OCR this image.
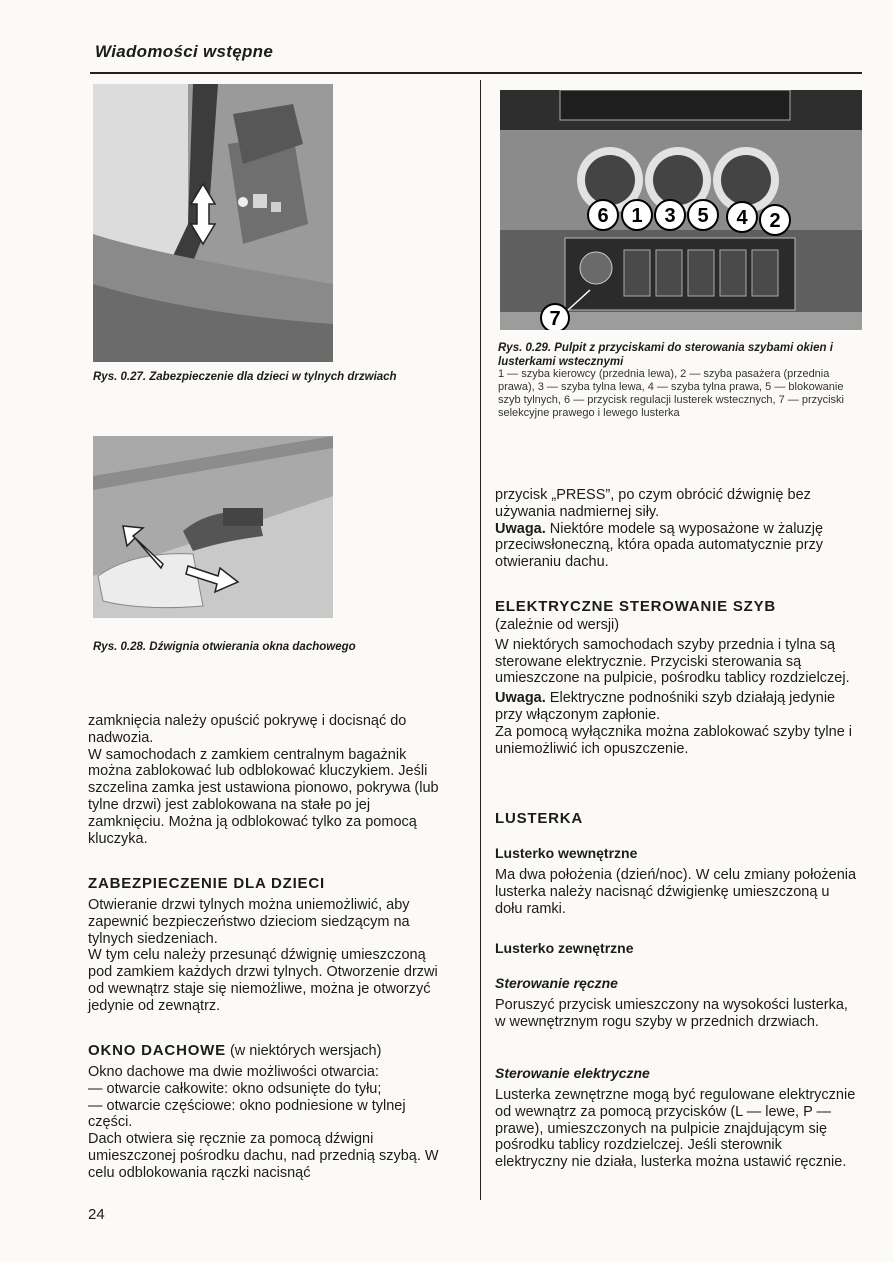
Wiadomości wstępne
Rys. 0.27. Zabezpieczenie dla dzieci w tylnych drzwiach
Rys. 0.28. Dźwignia otwierania okna dachowego
6 1 3 5 4 2
7
Rys. 0.29. Pulpit z przyciskami do sterowania szybami okien i lusterkami wstecznymi
1 — szyba kierowcy (przednia lewa), 2 — szyba pasażera (przednia prawa), 3 — szyba tylna lewa, 4 — szyba tylna prawa, 5 — blokowanie szyb tylnych, 6 — przycisk regulacji lusterek wstecznych, 7 — przyciski selekcyjne prawego i lewego lusterka

zamknięcia należy opuścić pokrywę i docisnąć do nadwozia.

W samochodach z zamkiem centralnym bagażnik można zablokować lub odblokować kluczykiem. Jeśli szczelina zamka jest ustawiona pionowo, pokrywa (lub tylne drzwi) jest zablokowana na stałe po jej zamknięciu. Można ją odblokować tylko za pomocą kluczyka.

ZABEZPIECZENIE DLA DZIECI

Otwieranie drzwi tylnych można uniemożliwić, aby zapewnić bezpieczeństwo dzieciom siedzącym na tylnych siedzeniach.

W tym celu należy przesunąć dźwignię umieszczoną pod zamkiem każdych drzwi tylnych. Otworzenie drzwi od wewnątrz staje się niemożliwe, można je otworzyć jedynie od zewnątrz.

OKNO DACHOWE (w niektórych wersjach)

Okno dachowe ma dwie możliwości otwarcia:

— otwarcie całkowite: okno odsunięte do tyłu;

— otwarcie częściowe: okno podniesione w tylnej części.

Dach otwiera się ręcznie za pomocą dźwigni umieszczonej pośrodku dachu, nad przednią szybą. W celu odblokowania rączki nacisnąć

24

przycisk „PRESS”, po czym obrócić dźwignię bez używania nadmiernej siły.

Uwaga. Niektóre modele są wyposażone w żaluzję przeciwsłoneczną, która opada automatycznie przy otwieraniu dachu.

ELEKTRYCZNE STEROWANIE SZYB

(zależnie od wersji)

W niektórych samochodach szyby przednia i tylna są sterowane elektrycznie. Przyciski sterowania są umieszczone na pulpicie, pośrodku tablicy rozdzielczej.

Uwaga. Elektryczne podnośniki szyb działają jedynie przy włączonym zapłonie.

Za pomocą wyłącznika można zablokować szyby tylne i uniemożliwić ich opuszczenie.

LUSTERKA
Lusterko wewnętrzne
Ma dwa położenia (dzień/noc). W celu zmiany położenia lusterka należy nacisnąć dźwigienkę umieszczoną u dołu ramki.
Lusterko zewnętrzne
Sterowanie ręczne
Poruszyć przycisk umieszczony na wysokości lusterka, w wewnętrznym rogu szyby w przednich drzwiach.
Sterowanie elektryczne
Lusterka zewnętrzne mogą być regulowane elektrycznie od wewnątrz za pomocą przycisków (L — lewe, P — prawe), umieszczonych na pulpicie znajdującym się pośrodku tablicy rozdzielczej. Jeśli sterownik elektryczny nie działa, lusterka można ustawić ręcznie.
